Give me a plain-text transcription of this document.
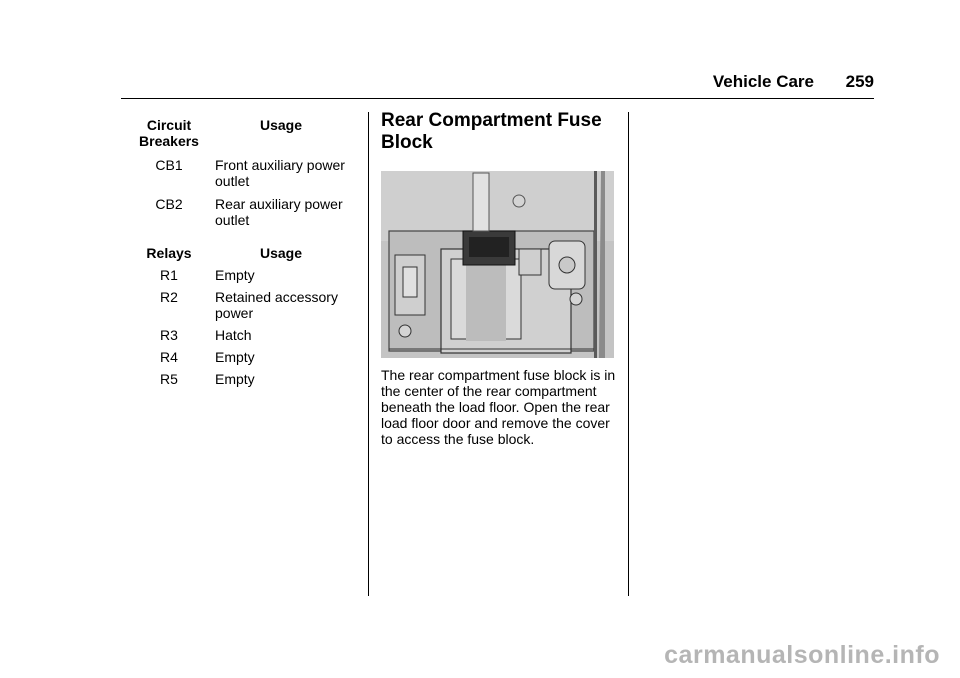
Vehicle Care 259
Circuit
Breakers	Usage
CB1	Front auxiliary power
outlet
CB2	Rear auxiliary power
outlet
Relays	Usage
R1	Empty
R2	Retained accessory
power
R3	Hatch
R4	Empty
R5	Empty
Rear Compartment Fuse Block
The rear compartment fuse block is in the center of the rear compartment beneath the load floor. Open the rear load floor door and remove the cover to access the fuse block.
carmanualsonline.info
